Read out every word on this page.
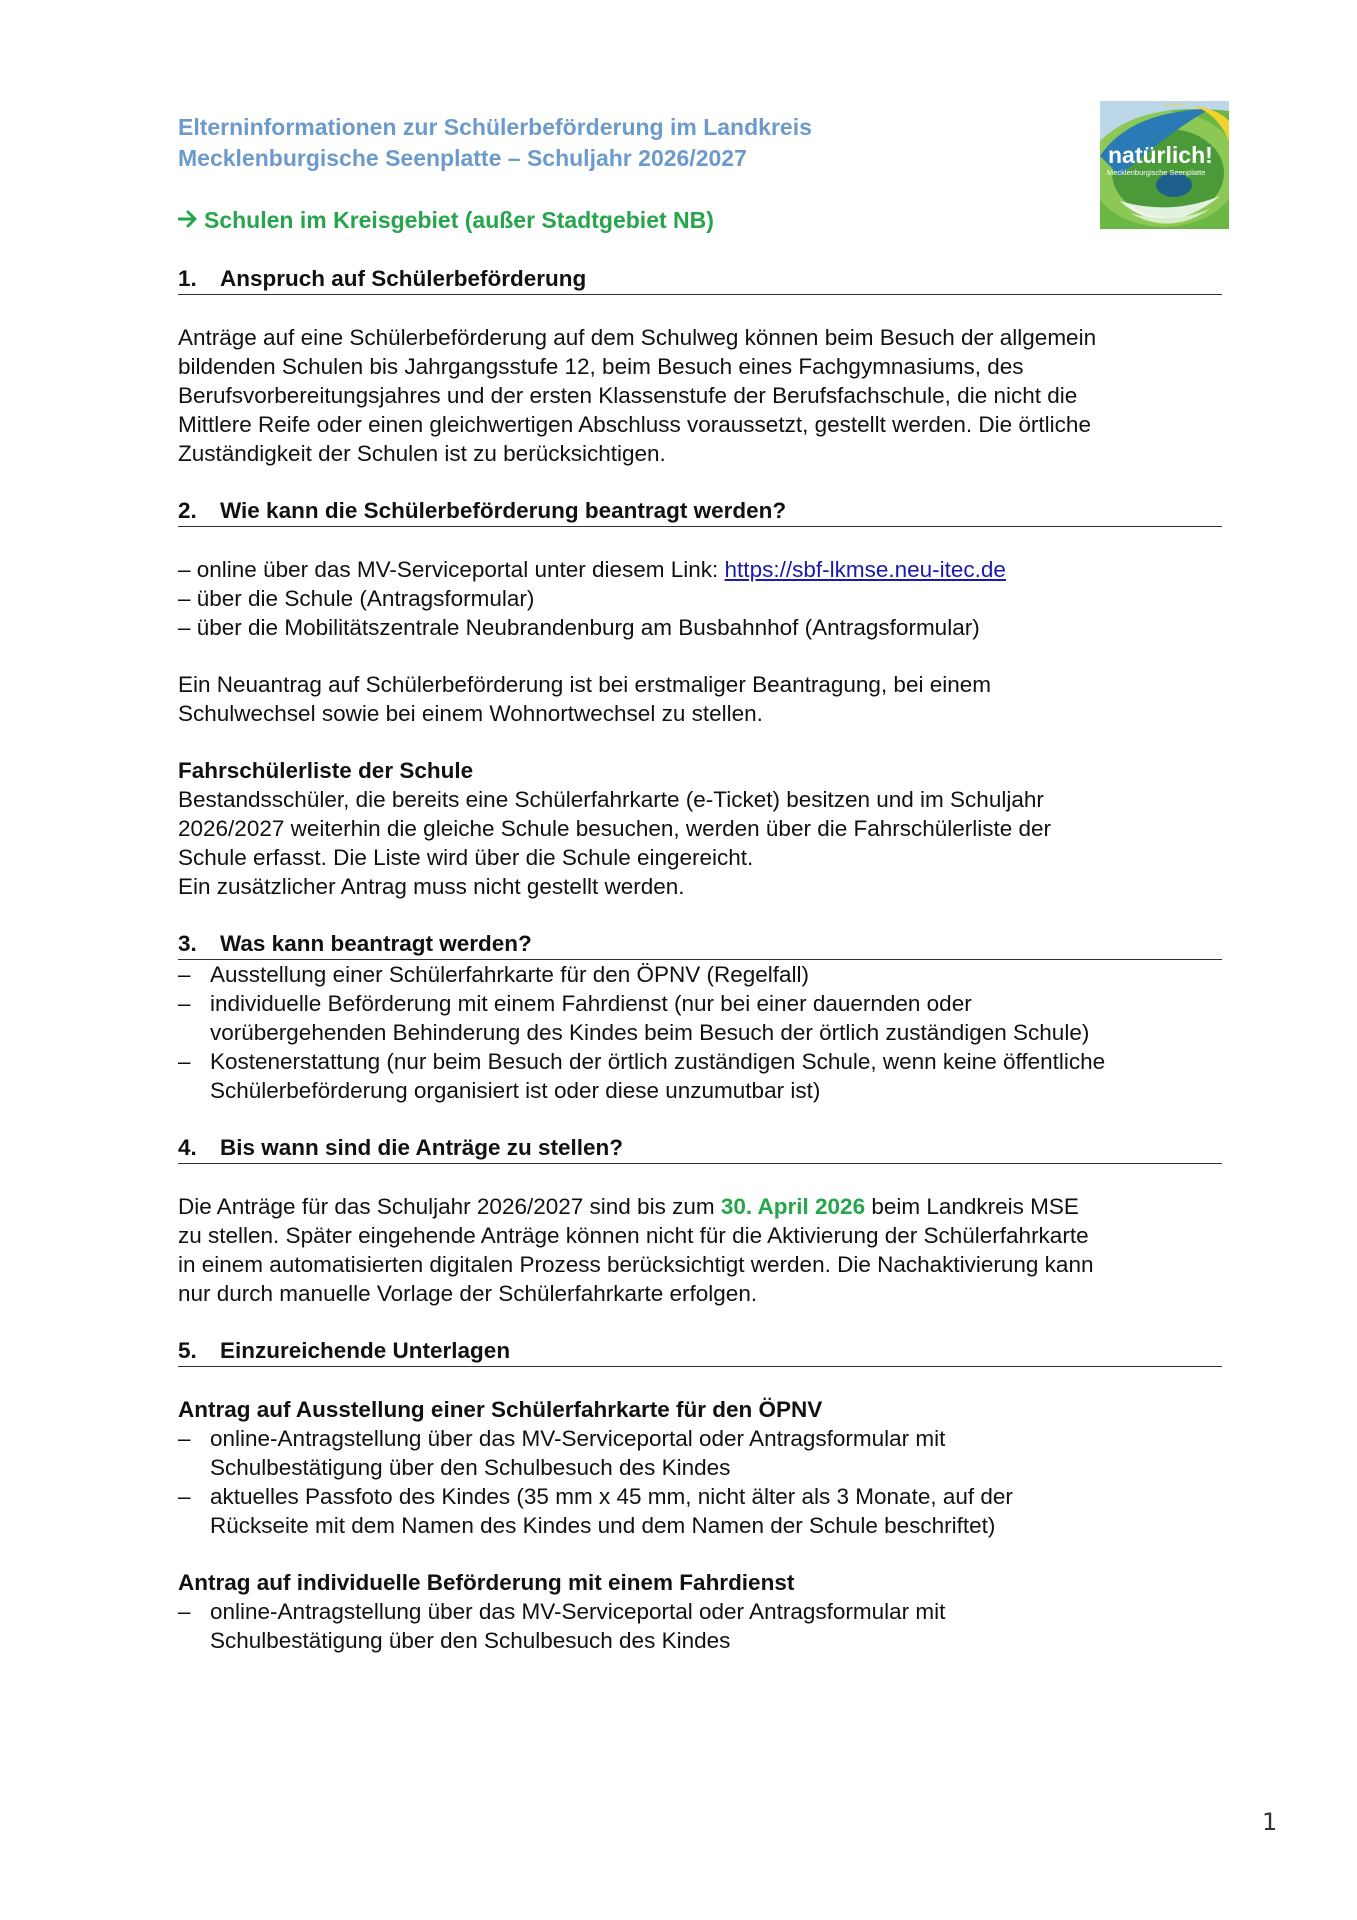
natürlich!
Mecklenburgische Seenplatte
Elterninformationen zur Schülerbeförderung im Landkreis
Mecklenburgische Seenplatte – Schuljahr 2026/2027
Schulen im Kreisgebiet (außer Stadtgebiet NB)
1. Anspruch auf Schülerbeförderung
Anträge auf eine Schülerbeförderung auf dem Schulweg können beim Besuch der allgemein
bildenden Schulen bis Jahrgangsstufe 12, beim Besuch eines Fachgymnasiums, des
Berufsvorbereitungsjahres und der ersten Klassenstufe der Berufsfachschule, die nicht die
Mittlere Reife oder einen gleichwertigen Abschluss voraussetzt, gestellt werden. Die örtliche
Zuständigkeit der Schulen ist zu berücksichtigen.
2. Wie kann die Schülerbeförderung beantragt werden?
– online über das MV-Serviceportal unter diesem Link: https://sbf-lkmse.neu-itec.de
– über die Schule (Antragsformular)
– über die Mobilitätszentrale Neubrandenburg am Busbahnhof (Antragsformular)
Ein Neuantrag auf Schülerbeförderung ist bei erstmaliger Beantragung, bei einem
Schulwechsel sowie bei einem Wohnortwechsel zu stellen.
Fahrschülerliste der Schule
Bestandsschüler, die bereits eine Schülerfahrkarte (e-Ticket) besitzen und im Schuljahr
2026/2027 weiterhin die gleiche Schule besuchen, werden über die Fahrschülerliste der
Schule erfasst. Die Liste wird über die Schule eingereicht.
Ein zusätzlicher Antrag muss nicht gestellt werden.
3. Was kann beantragt werden?
– Ausstellung einer Schülerfahrkarte für den ÖPNV (Regelfall)
– individuelle Beförderung mit einem Fahrdienst (nur bei einer dauernden oder
vorübergehenden Behinderung des Kindes beim Besuch der örtlich zuständigen Schule)
– Kostenerstattung (nur beim Besuch der örtlich zuständigen Schule, wenn keine öffentliche
Schülerbeförderung organisiert ist oder diese unzumutbar ist)
4. Bis wann sind die Anträge zu stellen?
Die Anträge für das Schuljahr 2026/2027 sind bis zum 30. April 2026 beim Landkreis MSE
zu stellen. Später eingehende Anträge können nicht für die Aktivierung der Schülerfahrkarte
in einem automatisierten digitalen Prozess berücksichtigt werden. Die Nachaktivierung kann
nur durch manuelle Vorlage der Schülerfahrkarte erfolgen.
5. Einzureichende Unterlagen
Antrag auf Ausstellung einer Schülerfahrkarte für den ÖPNV
– online-Antragstellung über das MV-Serviceportal oder Antragsformular mit
Schulbestätigung über den Schulbesuch des Kindes
– aktuelles Passfoto des Kindes (35 mm x 45 mm, nicht älter als 3 Monate, auf der
Rückseite mit dem Namen des Kindes und dem Namen der Schule beschriftet)
Antrag auf individuelle Beförderung mit einem Fahrdienst
– online-Antragstellung über das MV-Serviceportal oder Antragsformular mit
Schulbestätigung über den Schulbesuch des Kindes
1
